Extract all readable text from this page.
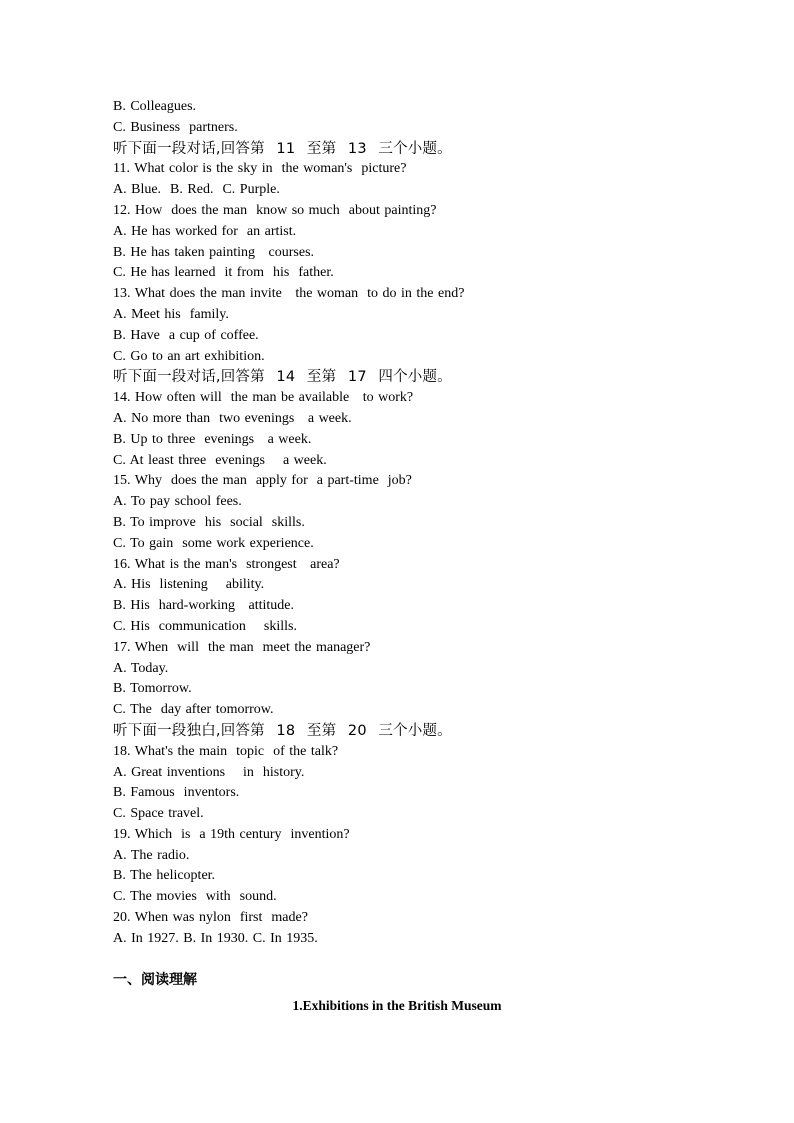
B. Colleagues.
C. Business  partners.
听下面一段对话,回答第  11  至第  13  三个小题。
11. What color is the sky in  the woman's  picture?
A. Blue.  B. Red.  C. Purple.
12. How  does the man  know so much  about painting?
A. He has worked for  an artist.
B. He has taken painting   courses.
C. He has learned  it from  his  father.
13. What does the man invite   the woman  to do in the end?
A. Meet his  family.
B. Have  a cup of coffee.
C. Go to an art exhibition.
听下面一段对话,回答第  14  至第  17  四个小题。
14. How often will  the man be available   to work?
A. No more than  two evenings   a week.
B. Up to three  evenings   a week.
C. At least three  evenings    a week.
15. Why  does the man  apply for  a part-time  job?
A. To pay school fees.
B. To improve  his  social  skills.
C. To gain  some work experience.
16. What is the man's  strongest   area?
A. His  listening    ability.
B. His  hard-working   attitude.
C. His  communication    skills.
17. When  will  the man  meet the manager?
A. Today.
B. Tomorrow.
C. The  day after tomorrow.
听下面一段独白,回答第  18  至第  20  三个小题。
18. What's the main  topic  of the talk?
A. Great inventions    in  history.
B. Famous  inventors.
C. Space travel.
19. Which  is  a 19th century  invention?
A. The radio.
B. The helicopter.
C. The movies  with  sound.
20. When was nylon  first  made?
A. In 1927. B. In 1930. C. In 1935.
一、阅读理解
1.Exhibitions in the British Museum
